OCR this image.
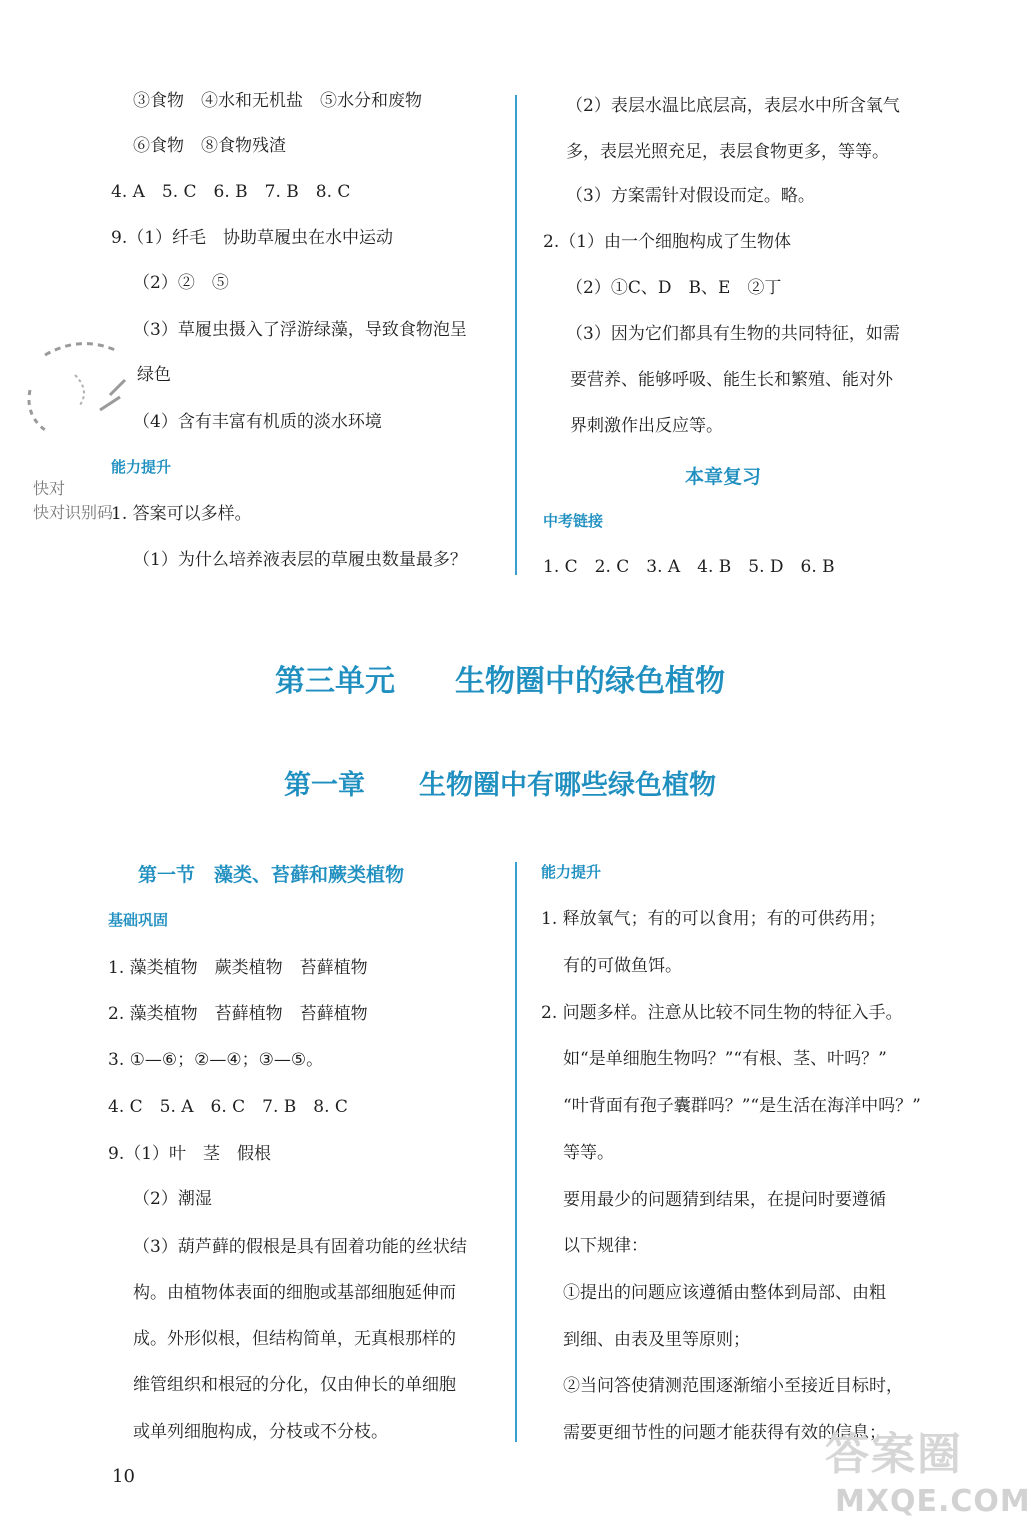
③食物　④水和无机盐　⑤水分和废物
⑥食物　⑧食物残渣
4. A　5. C　6. B　7. B　8. C
9.（1）纤毛　协助草履虫在水中运动
（2）②　⑤
（3）草履虫摄入了浮游绿藻，导致食物泡呈
绿色
（4）含有丰富有机质的淡水环境
能力提升
1. 答案可以多样。
（1）为什么培养液表层的草履虫数量最多？
快对
快对识别码
（2）表层水温比底层高，表层水中所含氧气
多，表层光照充足，表层食物更多，等等。
（3）方案需针对假设而定。略。
2.（1）由一个细胞构成了生物体
（2）①C、D　B、E　②丁
（3）因为它们都具有生物的共同特征，如需
要营养、能够呼吸、能生长和繁殖、能对外
界刺激作出反应等。
本章复习
中考链接
1. C　2. C　3. A　4. B　5. D　6. B
第三单元　　生物圈中的绿色植物
第一章　　生物圈中有哪些绿色植物
第一节　藻类、苔藓和蕨类植物
基础巩固
1. 藻类植物　蕨类植物　苔藓植物
2. 藻类植物　苔藓植物　苔藓植物
3. ①—⑥；②—④；③—⑤。
4. C　5. A　6. C　7. B　8. C
9.（1）叶　茎　假根
（2）潮湿
（3）葫芦藓的假根是具有固着功能的丝状结
构。由植物体表面的细胞或基部细胞延伸而
成。外形似根，但结构简单，无真根那样的
维管组织和根冠的分化，仅由伸长的单细胞
或单列细胞构成，分枝或不分枝。
能力提升
1. 释放氧气；有的可以食用；有的可供药用；
有的可做鱼饵。
2. 问题多样。注意从比较不同生物的特征入手。
如“是单细胞生物吗？”“有根、茎、叶吗？”
“叶背面有孢子囊群吗？”“是生活在海洋中吗？”
等等。
要用最少的问题猜到结果，在提问时要遵循
以下规律：
①提出的问题应该遵循由整体到局部、由粗
到细、由表及里等原则；
②当问答使猜测范围逐渐缩小至接近目标时，
需要更细节性的问题才能获得有效的信息；
10	答案圈
MXQE.COM
